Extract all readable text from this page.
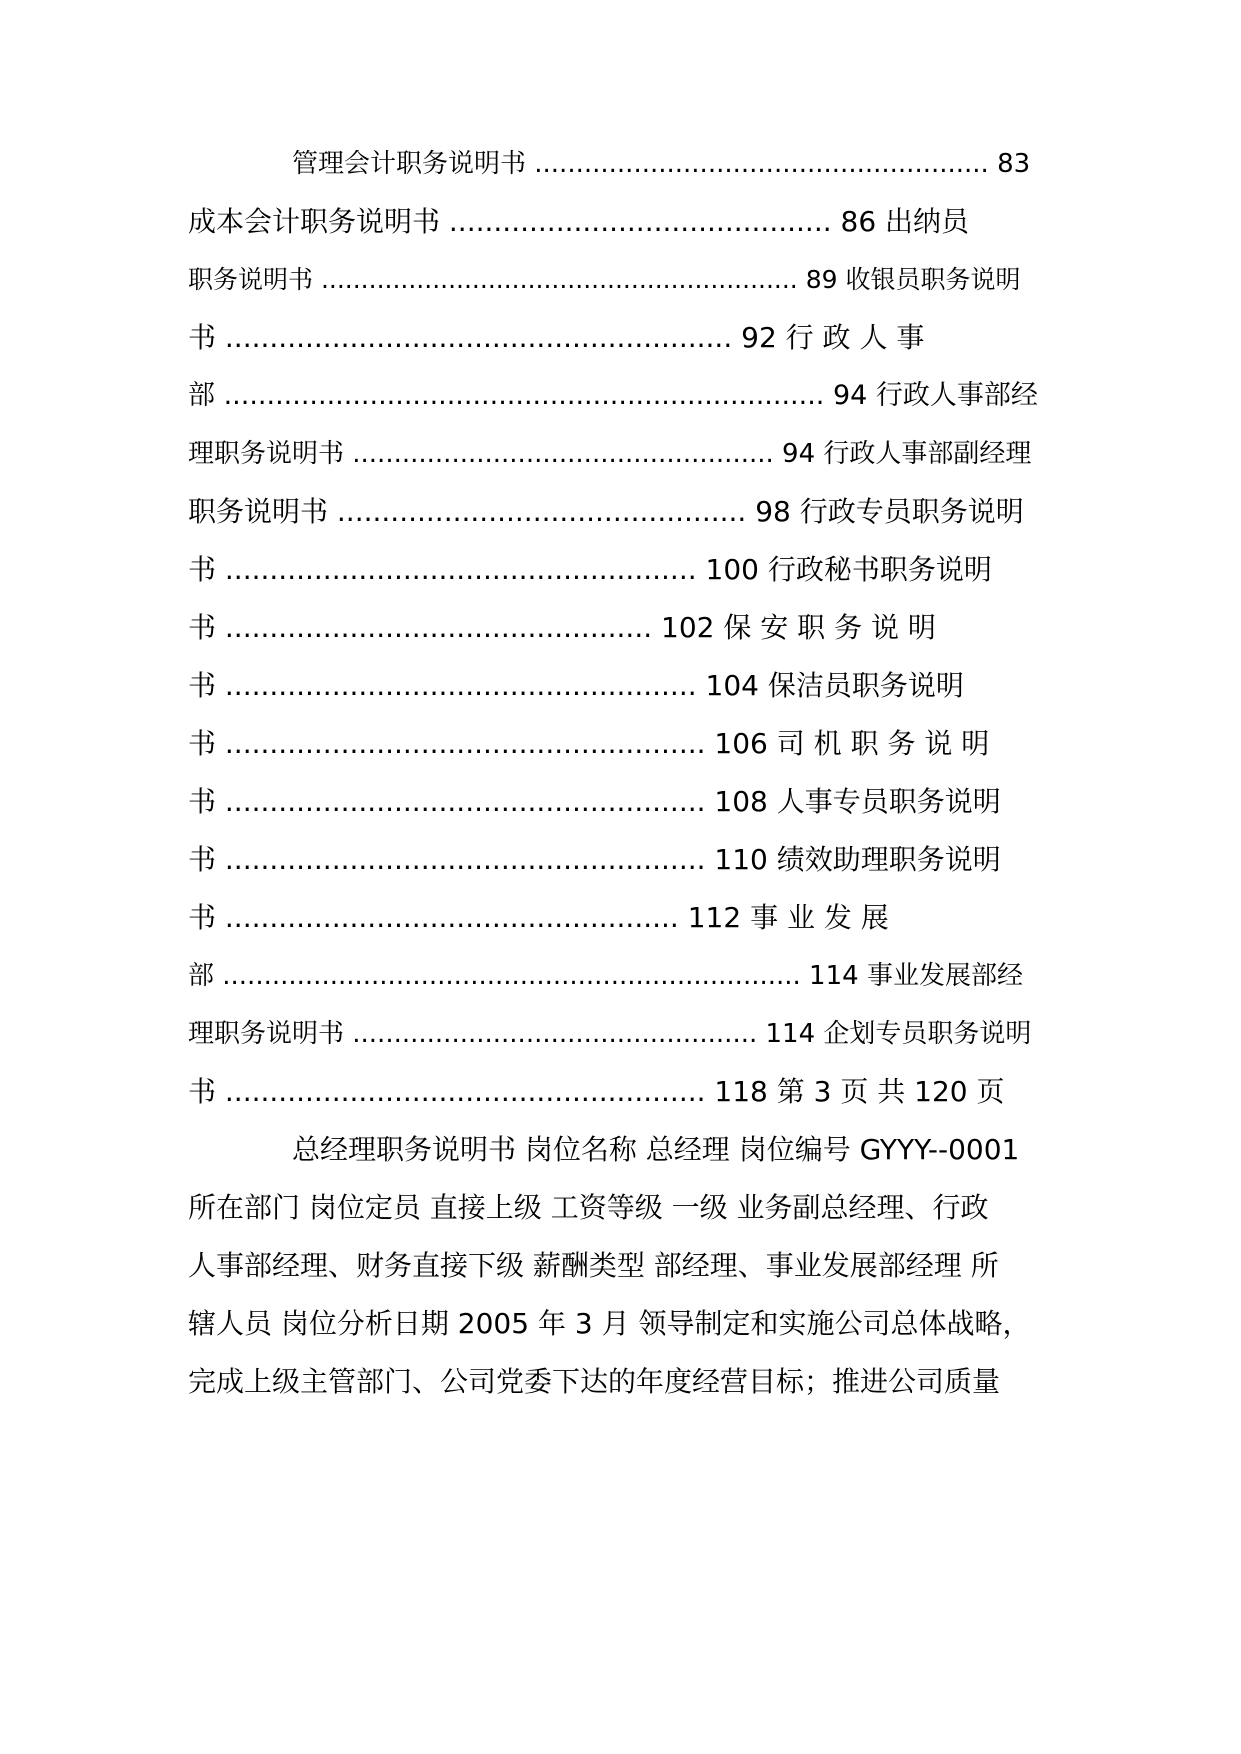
管理会计职务说明书 ....................................................... 83
成本会计职务说明书 ........................................... 86 出纳员
职务说明书 ............................................................ 89 收银员职务说明
书 ......................................................... 92 行 政 人 事
部 ...................................................................... 94 行政人事部经
理职务说明书 ................................................... 94 行政人事部副经理
职务说明书 .............................................. 98 行政专员职务说明
书 ..................................................... 100 行政秘书职务说明
书 ................................................ 102 保 安 职 务 说 明
书 ..................................................... 104 保洁员职务说明
书 ...................................................... 106 司 机 职 务 说 明
书 ...................................................... 108 人事专员职务说明
书 ...................................................... 110 绩效助理职务说明
书 ................................................... 112 事 业 发 展
部 ...................................................................... 114 事业发展部经
理职务说明书 ................................................. 114 企划专员职务说明
书 ...................................................... 118 第 3 页 共 120 页
总经理职务说明书 岗位名称 总经理 岗位编号 GYYY--0001
所在部门 岗位定员 直接上级 工资等级 一级 业务副总经理、行政
人事部经理、财务直接下级 薪酬类型 部经理、事业发展部经理 所
辖人员 岗位分析日期 2005 年 3 月 领导制定和实施公司总体战略，
完成上级主管部门、公司党委下达的年度经营目标；推进公司质量
